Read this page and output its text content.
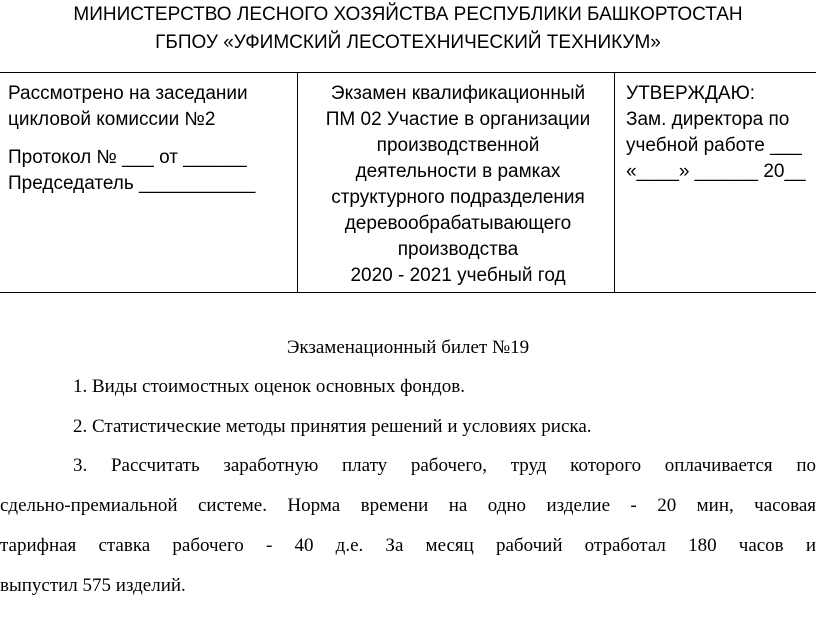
МИНИСТЕРСТВО ЛЕСНОГО ХОЗЯЙСТВА РЕСПУБЛИКИ БАШКОРТОСТАН
ГБПОУ «УФИМСКИЙ ЛЕСОТЕХНИЧЕСКИЙ ТЕХНИКУМ»
Рассмотрено на заседании
цикловой комиссии №2
Протокол № ___ от ______
Председатель ___________
Экзамен квалификационный
ПМ 02 Участие в организации
производственной
деятельности в рамках
структурного подразделения
деревообрабатывающего
производства
2020 - 2021 учебный год
УТВЕРЖДАЮ:
Зам. директора по
учебной работе ___
«____» ______ 20__
Экзаменационный билет №19
1. Виды стоимостных оценок основных фондов.
2. Статистические методы принятия решений и условиях риска.
3. Рассчитать заработную плату рабочего, труд которого оплачивается по
сдельно-премиальной системе. Норма времени на одно изделие - 20 мин, часовая
тарифная ставка рабочего - 40 д.е. За месяц рабочий отработал 180 часов и
выпустил 575 изделий.
